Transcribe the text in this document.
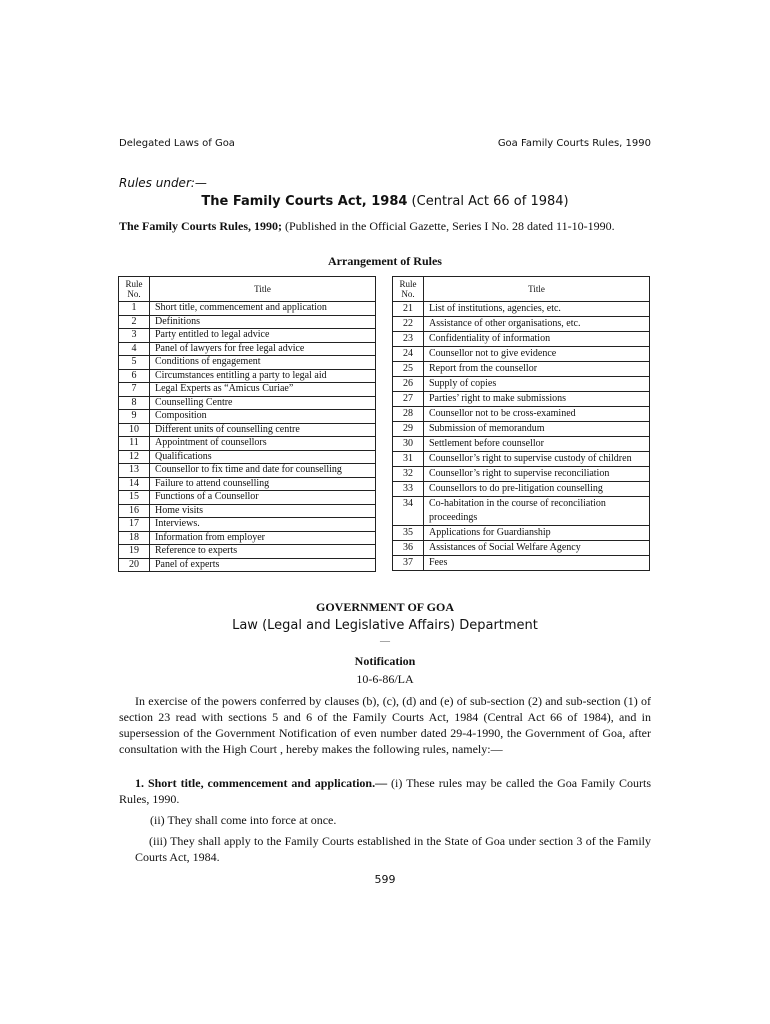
Delegated Laws of Goa	Goa Family Courts Rules, 1990
Rules under:—
The Family Courts Act, 1984 (Central Act 66 of 1984)
The Family Courts Rules, 1990; (Published in the Official Gazette, Series I No. 28 dated 11-10-1990.
Arrangement of Rules
Rule No.	Title
1	Short title, commencement and application
2	Definitions
3	Party entitled to legal advice
4	Panel of lawyers for free legal advice
5	Conditions of engagement
6	Circumstances entitling a party to legal aid
7	Legal Experts as “Amicus Curiae”
8	Counselling Centre
9	Composition
10	Different units of counselling centre
11	Appointment of counsellors
12	Qualifications
13	Counsellor to fix time and date for counselling
14	Failure to attend counselling
15	Functions of a Counsellor
16	Home visits
17	Interviews.
18	Information from employer
19	Reference to experts
20	Panel of experts
Rule No.	Title
21	List of institutions, agencies, etc.
22	Assistance of other organisations, etc.
23	Confidentiality of information
24	Counsellor not to give evidence
25	Report from the counsellor
26	Supply of copies
27	Parties’ right to make submissions
28	Counsellor not to be cross-examined
29	Submission of memorandum
30	Settlement before counsellor
31	Counsellor’s right to supervise custody of children
32	Counsellor’s right to supervise reconciliation
33	Counsellors to do pre-litigation counselling
34	Co-habitation in the course of reconciliation proceedings
35	Applications for Guardianship
36	Assistances of Social Welfare Agency
37	Fees
GOVERNMENT OF GOA
Law (Legal and Legislative Affairs) Department
—
Notification
10-6-86/LA
In exercise of the powers conferred by clauses (b), (c), (d) and (e) of sub-section (2) and sub-section (1) of section 23 read with sections 5 and 6 of the Family Courts Act, 1984 (Central Act 66 of 1984), and in supersession of the Government Notification of even number dated 29-4-1990, the Government of Goa, after consultation with the High Court , hereby makes the following rules, namely:—
1. Short title, commencement and application.— (i) These rules may be called the Goa Family Courts Rules, 1990.
(ii) They shall come into force at once.
(iii) They shall apply to the Family Courts established in the State of Goa under section 3 of the Family Courts Act, 1984.
599
